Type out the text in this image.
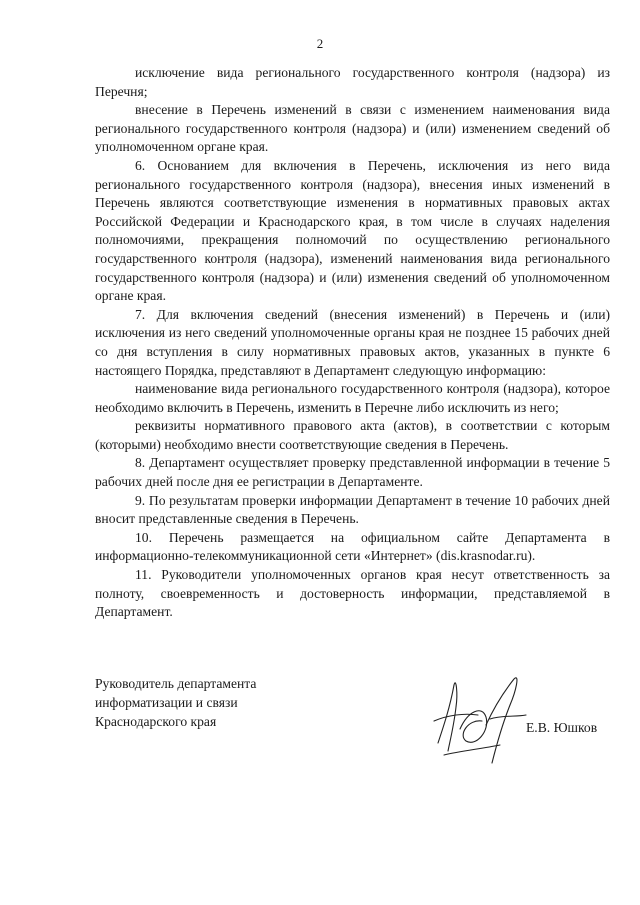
2

исключение вида регионального государственного контроля (надзора) из Перечня;

внесение в Перечень изменений в связи с изменением наименования вида регионального государственного контроля (надзора) и (или) изменением сведений об уполномоченном органе края.

6. Основанием для включения в Перечень, исключения из него вида регионального государственного контроля (надзора), внесения иных изменений в Перечень являются соответствующие изменения в нормативных правовых актах Российской Федерации и Краснодарского края, в том числе в случаях наделения полномочиями, прекращения полномочий по осуществлению регионального государственного контроля (надзора), изменений наименования вида регионального государственного контроля (надзора) и (или) изменения сведений об уполномоченном органе края.

7. Для включения сведений (внесения изменений) в Перечень и (или) исключения из него сведений уполномоченные органы края не позднее 15 рабочих дней со дня вступления в силу нормативных правовых актов, указанных в пункте 6 настоящего Порядка, представляют в Департамент следующую информацию:

наименование вида регионального государственного контроля (надзора), которое необходимо включить в Перечень, изменить в Перечне либо исключить из него;

реквизиты нормативного правового акта (актов), в соответствии с которым (которыми) необходимо внести соответствующие сведения в Перечень.

8. Департамент осуществляет проверку представленной информации в течение 5 рабочих дней после дня ее регистрации в Департаменте.

9. По результатам проверки информации Департамент в течение 10 рабочих дней вносит представленные сведения в Перечень.

10. Перечень размещается на официальном сайте Департамента в информационно-телекоммуникационной сети «Интернет» (dis.krasnodar.ru).

11. Руководители уполномоченных органов края несут ответственность за полноту, своевременность и достоверность информации, представляемой в Департамент.

Руководитель департамента
информатизации и связи
Краснодарского края	Е.В. Юшков
